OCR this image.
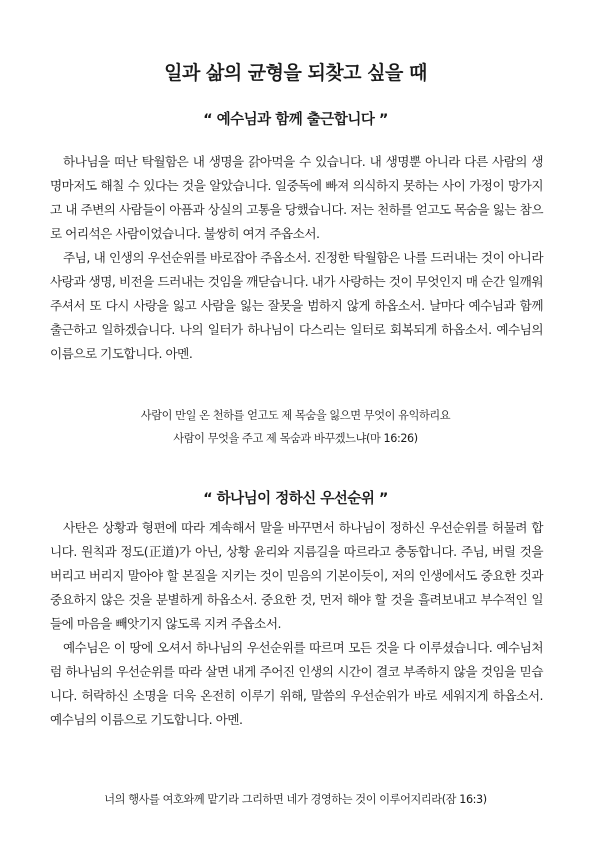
일과 삶의 균형을 되찾고 싶을 때
“ 예수님과 함께 출근합니다 ”

하나님을 떠난 탁월함은 내 생명을 갉아먹을 수 있습니다. 내 생명뿐 아니라 다른 사람의 생명마저도 해칠 수 있다는 것을 알았습니다. 일중독에 빠져 의식하지 못하는 사이 가정이 망가지고 내 주변의 사람들이 아픔과 상실의 고통을 당했습니다. 저는 천하를 얻고도 목숨을 잃는 참으로 어리석은 사람이었습니다. 불쌍히 여겨 주옵소서.

주님, 내 인생의 우선순위를 바로잡아 주옵소서. 진정한 탁월함은 나를 드러내는 것이 아니라 사랑과 생명, 비전을 드러내는 것임을 깨닫습니다. 내가 사랑하는 것이 무엇인지 매 순간 일깨워 주셔서 또 다시 사랑을 잃고 사람을 잃는 잘못을 범하지 않게 하옵소서. 날마다 예수님과 함께 출근하고 일하겠습니다. 나의 일터가 하나님이 다스리는 일터로 회복되게 하옵소서. 예수님의 이름으로 기도합니다. 아멘.

사람이 만일 온 천하를 얻고도 제 목숨을 잃으면 무엇이 유익하리요
사람이 무엇을 주고 제 목숨과 바꾸겠느냐(마 16:26)
“ 하나님이 정하신 우선순위 ”

사탄은 상황과 형편에 따라 계속해서 말을 바꾸면서 하나님이 정하신 우선순위를 허물려 합니다. 원칙과 정도(正道)가 아닌, 상황 윤리와 지름길을 따르라고 충동합니다. 주님, 버릴 것을 버리고 버리지 말아야 할 본질을 지키는 것이 믿음의 기본이듯이, 저의 인생에서도 중요한 것과 중요하지 않은 것을 분별하게 하옵소서. 중요한 것, 먼저 해야 할 것을 흘려보내고 부수적인 일들에 마음을 빼앗기지 않도록 지켜 주옵소서.

예수님은 이 땅에 오셔서 하나님의 우선순위를 따르며 모든 것을 다 이루셨습니다. 예수님처럼 하나님의 우선순위를 따라 살면 내게 주어진 인생의 시간이 결코 부족하지 않을 것임을 믿습니다. 허락하신 소명을 더욱 온전히 이루기 위해, 말씀의 우선순위가 바로 세워지게 하옵소서. 예수님의 이름으로 기도합니다. 아멘.

너의 행사를 여호와께 맡기라 그리하면 네가 경영하는 것이 이루어지리라(잠 16:3)
